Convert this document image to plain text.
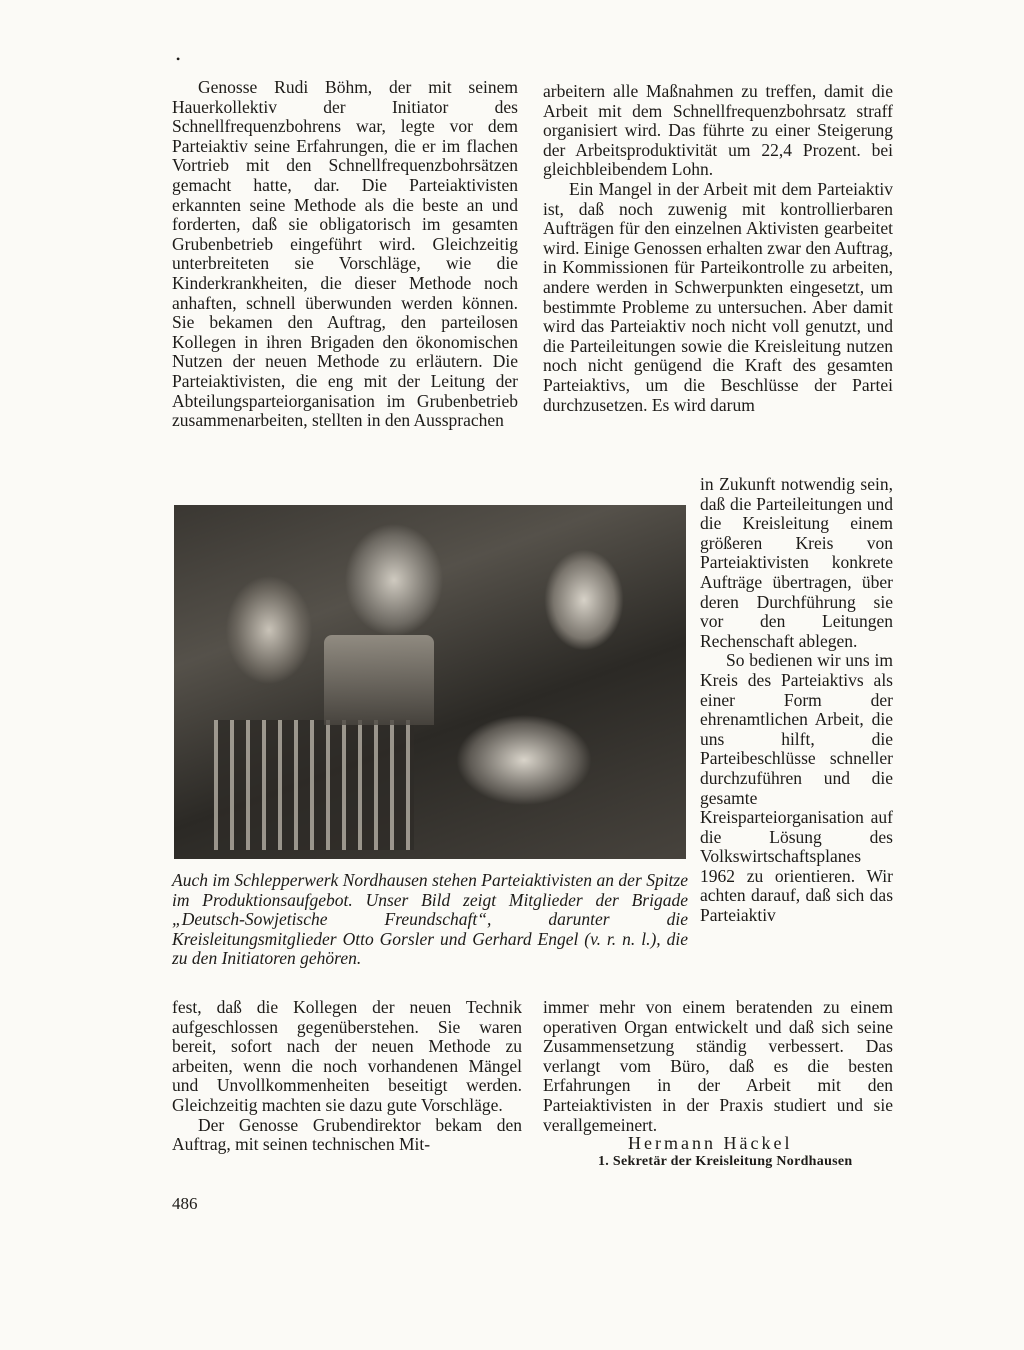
•

Genosse Rudi Böhm, der mit seinem Hauerkollektiv der Initiator des Schnellfrequenzbohrens war, legte vor dem Parteiaktiv seine Erfahrungen, die er im flachen Vortrieb mit den Schnellfrequenzbohrsätzen gemacht hatte, dar. Die Parteiaktivisten erkannten seine Methode als die beste an und forderten, daß sie obligatorisch im gesamten Grubenbetrieb eingeführt wird. Gleichzeitig unterbreiteten sie Vorschläge, wie die Kinderkrankheiten, die dieser Methode noch anhaften, schnell überwunden werden können. Sie bekamen den Auftrag, den parteilosen Kollegen in ihren Brigaden den ökonomischen Nutzen der neuen Methode zu erläutern. Die Parteiaktivisten, die eng mit der Leitung der Abteilungsparteiorganisation im Grubenbetrieb zusammenarbeiten, stellten in den Aussprachen

arbeitern alle Maßnahmen zu treffen, damit die Arbeit mit dem Schnellfrequenzbohrsatz straff organisiert wird. Das führte zu einer Steigerung der Arbeitsproduktivität um 22,4 Prozent. bei gleichbleibendem Lohn.

Ein Mangel in der Arbeit mit dem Parteiaktiv ist, daß noch zuwenig mit kontrollierbaren Aufträgen für den einzelnen Aktivisten gearbeitet wird. Einige Genossen erhalten zwar den Auftrag, in Kommissionen für Parteikontrolle zu arbeiten, andere werden in Schwerpunkten eingesetzt, um bestimmte Probleme zu untersuchen. Aber damit wird das Parteiaktiv noch nicht voll genutzt, und die Parteileitungen sowie die Kreisleitung nutzen noch nicht genügend die Kraft des gesamten Parteiaktivs, um die Beschlüsse der Partei durchzusetzen. Es wird darum

in Zukunft notwendig sein, daß die Parteileitungen und die Kreisleitung einem größeren Kreis von Parteiaktivisten konkrete Aufträge übertragen, über deren Durchführung sie vor den Leitungen Rechenschaft ablegen.

So bedienen wir uns im Kreis des Parteiaktivs als einer Form der ehrenamtlichen Arbeit, die uns hilft, die Parteibeschlüsse schneller durchzuführen und die gesamte Kreisparteiorganisation auf die Lösung des Volkswirtschaftsplanes 1962 zu orientieren. Wir achten darauf, daß sich das Parteiaktiv

Auch im Schlepperwerk Nordhausen stehen Parteiaktivisten an der Spitze im Produktionsaufgebot. Unser Bild zeigt Mitglieder der Brigade „Deutsch-Sowjetische Freundschaft“, darunter die Kreisleitungsmitglieder Otto Gorsler und Gerhard Engel (v. r. n. l.), die zu den Initiatoren gehören.

fest, daß die Kollegen der neuen Technik aufgeschlossen gegenüberstehen. Sie waren bereit, sofort nach der neuen Methode zu arbeiten, wenn die noch vorhandenen Mängel und Unvollkommenheiten beseitigt werden. Gleichzeitig machten sie dazu gute Vorschläge.

Der Genosse Grubendirektor bekam den Auftrag, mit seinen technischen Mit-

immer mehr von einem beratenden zu einem operativen Organ entwickelt und daß sich seine Zusammensetzung ständig verbessert. Das verlangt vom Büro, daß es die besten Erfahrungen in der Arbeit mit den Parteiaktivisten in der Praxis studiert und sie verallgemeinert.

Hermann Häckel
1. Sekretär der Kreisleitung Nordhausen
486
